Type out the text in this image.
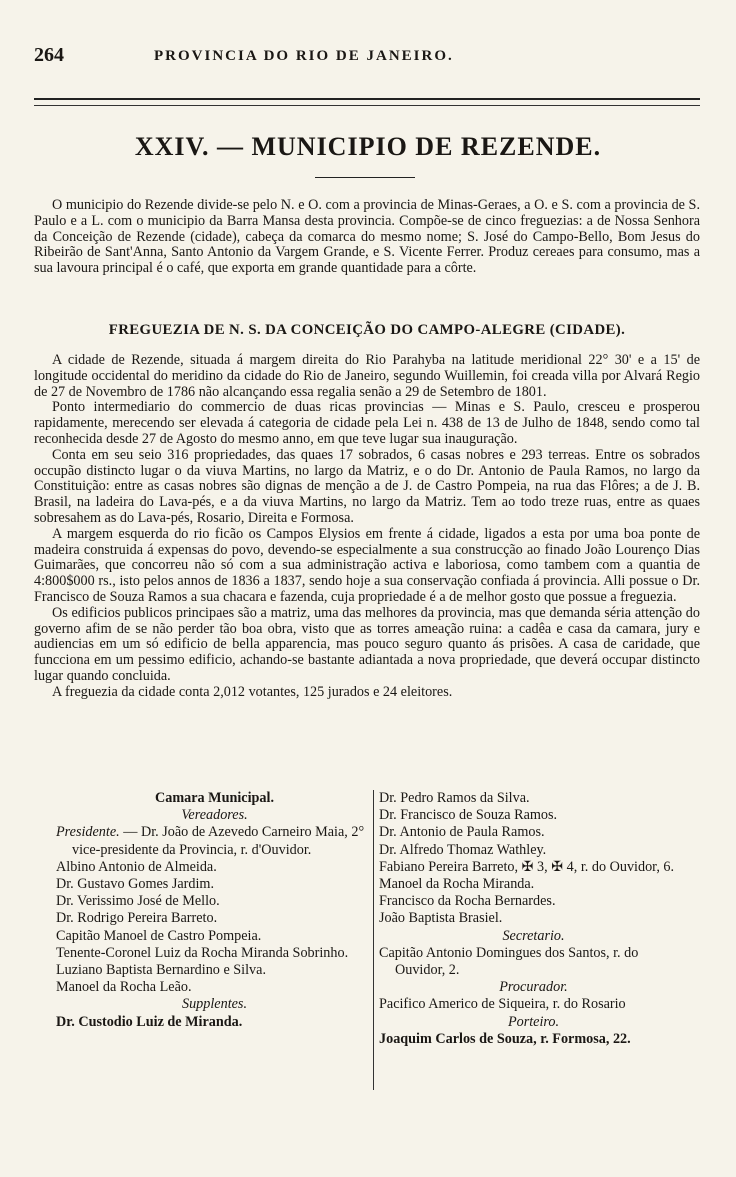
264	PROVINCIA DO RIO DE JANEIRO.
XXIV. — MUNICIPIO DE REZENDE.
O municipio do Rezende divide-se pelo N. e O. com a provincia de Minas-Geraes, a O. e S. com a provincia de S. Paulo e a L. com o municipio da Barra Mansa desta provincia. Compõe-se de cinco freguezias: a de Nossa Senhora da Conceição de Rezende (cidade), cabeça da comarca do mesmo nome; S. José do Campo-Bello, Bom Jesus do Ribeirão de Sant'Anna, Santo Antonio da Vargem Grande, e S. Vicente Ferrer. Produz cereaes para consumo, mas a sua lavoura principal é o café, que exporta em grande quantidade para a côrte.
FREGUEZIA DE N. S. DA CONCEIÇÃO DO CAMPO-ALEGRE (CIDADE).

A cidade de Rezende, situada á margem direita do Rio Parahyba na latitude meridional 22° 30' e a 15' de longitude occidental do meridino da cidade do Rio de Janeiro, segundo Wuillemin, foi creada villa por Alvará Regio de 27 de Novembro de 1786 não alcançando essa regalia senão a 29 de Setembro de 1801.

Ponto intermediario do commercio de duas ricas provincias — Minas e S. Paulo, cresceu e prosperou rapidamente, merecendo ser elevada á categoria de cidade pela Lei n. 438 de 13 de Julho de 1848, sendo como tal reconhecida desde 27 de Agosto do mesmo anno, em que teve lugar sua inauguração.

Conta em seu seio 316 propriedades, das quaes 17 sobrados, 6 casas nobres e 293 terreas. Entre os sobrados occupão distincto lugar o da viuva Martins, no largo da Matriz, e o do Dr. Antonio de Paula Ramos, no largo da Constituição: entre as casas nobres são dignas de menção a de J. de Castro Pompeia, na rua das Flôres; a de J. B. Brasil, na ladeira do Lava-pés, e a da viuva Martins, no largo da Matriz. Tem ao todo treze ruas, entre as quaes sobresahem as do Lava-pés, Rosario, Direita e Formosa.

A margem esquerda do rio ficão os Campos Elysios em frente á cidade, ligados a esta por uma boa ponte de madeira construida á expensas do povo, devendo-se especialmente a sua construcção ao finado João Lourenço Dias Guimarães, que concorreu não só com a sua administração activa e laboriosa, como tambem com a quantia de 4:800$000 rs., isto pelos annos de 1836 a 1837, sendo hoje a sua conservação confiada á provincia. Alli possue o Dr. Francisco de Souza Ramos a sua chacara e fazenda, cuja propriedade é a de melhor gosto que possue a freguezia.

Os edificios publicos principaes são a matriz, uma das melhores da provincia, mas que demanda séria attenção do governo afim de se não perder tão boa obra, visto que as torres ameação ruina: a cadêa e casa da camara, jury e audiencias em um só edificio de bella apparencia, mas pouco seguro quanto ás prisões. A casa de caridade, que funcciona em um pessimo edificio, achando-se bastante adiantada a nova propriedade, que deverá occupar distincto lugar quando concluida.

A freguezia da cidade conta 2,012 votantes, 125 jurados e 24 eleitores.

Camara Municipal.
Vereadores.
Presidente. — Dr. João de Azevedo Carneiro Maia, 2° vice-presidente da Provincia, r. d'Ouvidor.
Albino Antonio de Almeida.
Dr. Gustavo Gomes Jardim.
Dr. Verissimo José de Mello.
Dr. Rodrigo Pereira Barreto.
Capitão Manoel de Castro Pompeia.
Tenente-Coronel Luiz da Rocha Miranda Sobrinho.
Luziano Baptista Bernardino e Silva.
Manoel da Rocha Leão.
Supplentes.
Dr. Custodio Luiz de Miranda.
Dr. Pedro Ramos da Silva.
Dr. Francisco de Souza Ramos.
Dr. Antonio de Paula Ramos.
Dr. Alfredo Thomaz Wathley.
Fabiano Pereira Barreto, ✠ 3, ✠ 4, r. do Ouvidor, 6.
Manoel da Rocha Miranda.
Francisco da Rocha Bernardes.
João Baptista Brasiel.
Secretario.
Capitão Antonio Domingues dos Santos, r. do Ouvidor, 2.
Procurador.
Pacifico Americo de Siqueira, r. do Rosario
Porteiro.
Joaquim Carlos de Souza, r. Formosa, 22.
